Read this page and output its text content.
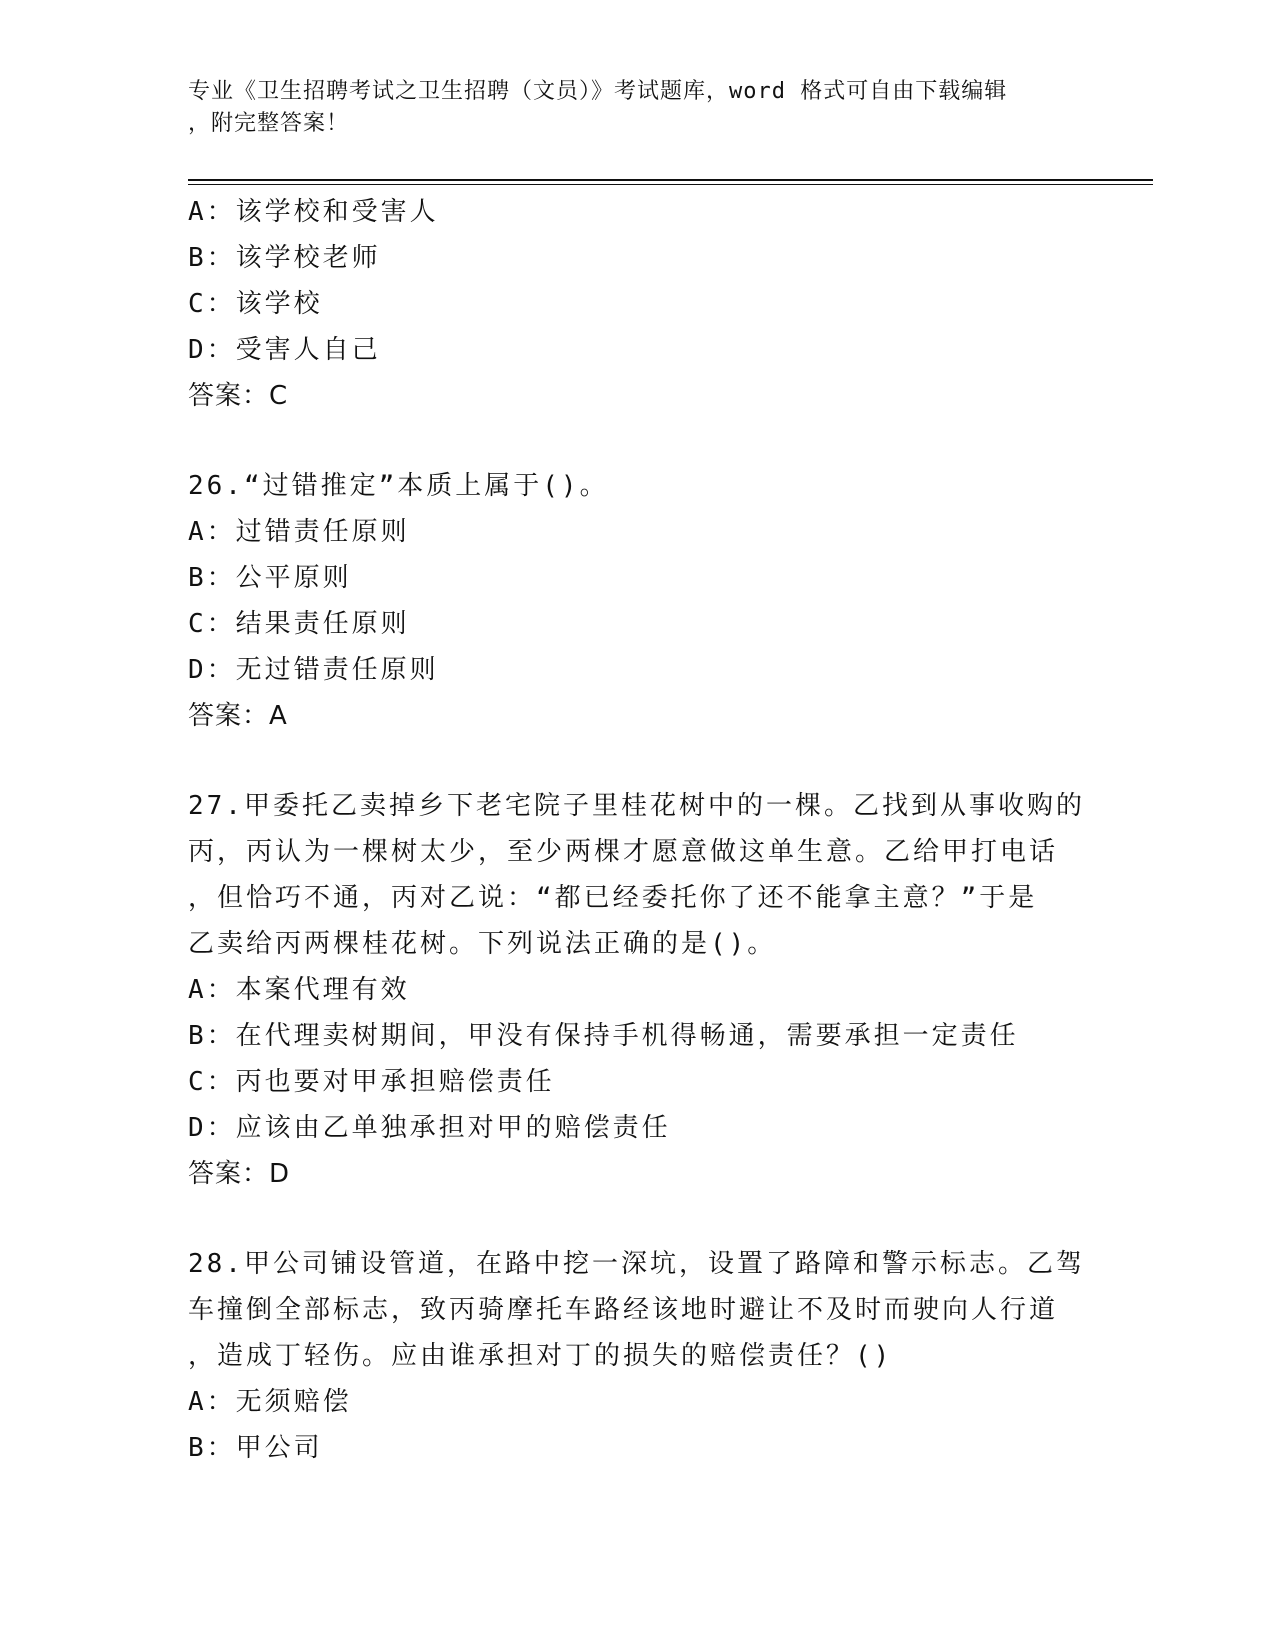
专业《卫生招聘考试之卫生招聘（文员）》考试题库，word 格式可自由下载编辑
，附完整答案！
A：该学校和受害人
B：该学校老师
C：该学校
D：受害人自己
答案：C
26.“过错推定”本质上属于()。
A：过错责任原则
B：公平原则
C：结果责任原则
D：无过错责任原则
答案：A
27.甲委托乙卖掉乡下老宅院子里桂花树中的一棵。乙找到从事收购的
丙，丙认为一棵树太少，至少两棵才愿意做这单生意。乙给甲打电话
，但恰巧不通，丙对乙说：“都已经委托你了还不能拿主意？”于是
乙卖给丙两棵桂花树。下列说法正确的是()。
A：本案代理有效
B：在代理卖树期间，甲没有保持手机得畅通，需要承担一定责任
C：丙也要对甲承担赔偿责任
D：应该由乙单独承担对甲的赔偿责任
答案：D
28.甲公司铺设管道，在路中挖一深坑，设置了路障和警示标志。乙驾
车撞倒全部标志，致丙骑摩托车路经该地时避让不及时而驶向人行道
，造成丁轻伤。应由谁承担对丁的损失的赔偿责任？()
A：无须赔偿
B：甲公司
